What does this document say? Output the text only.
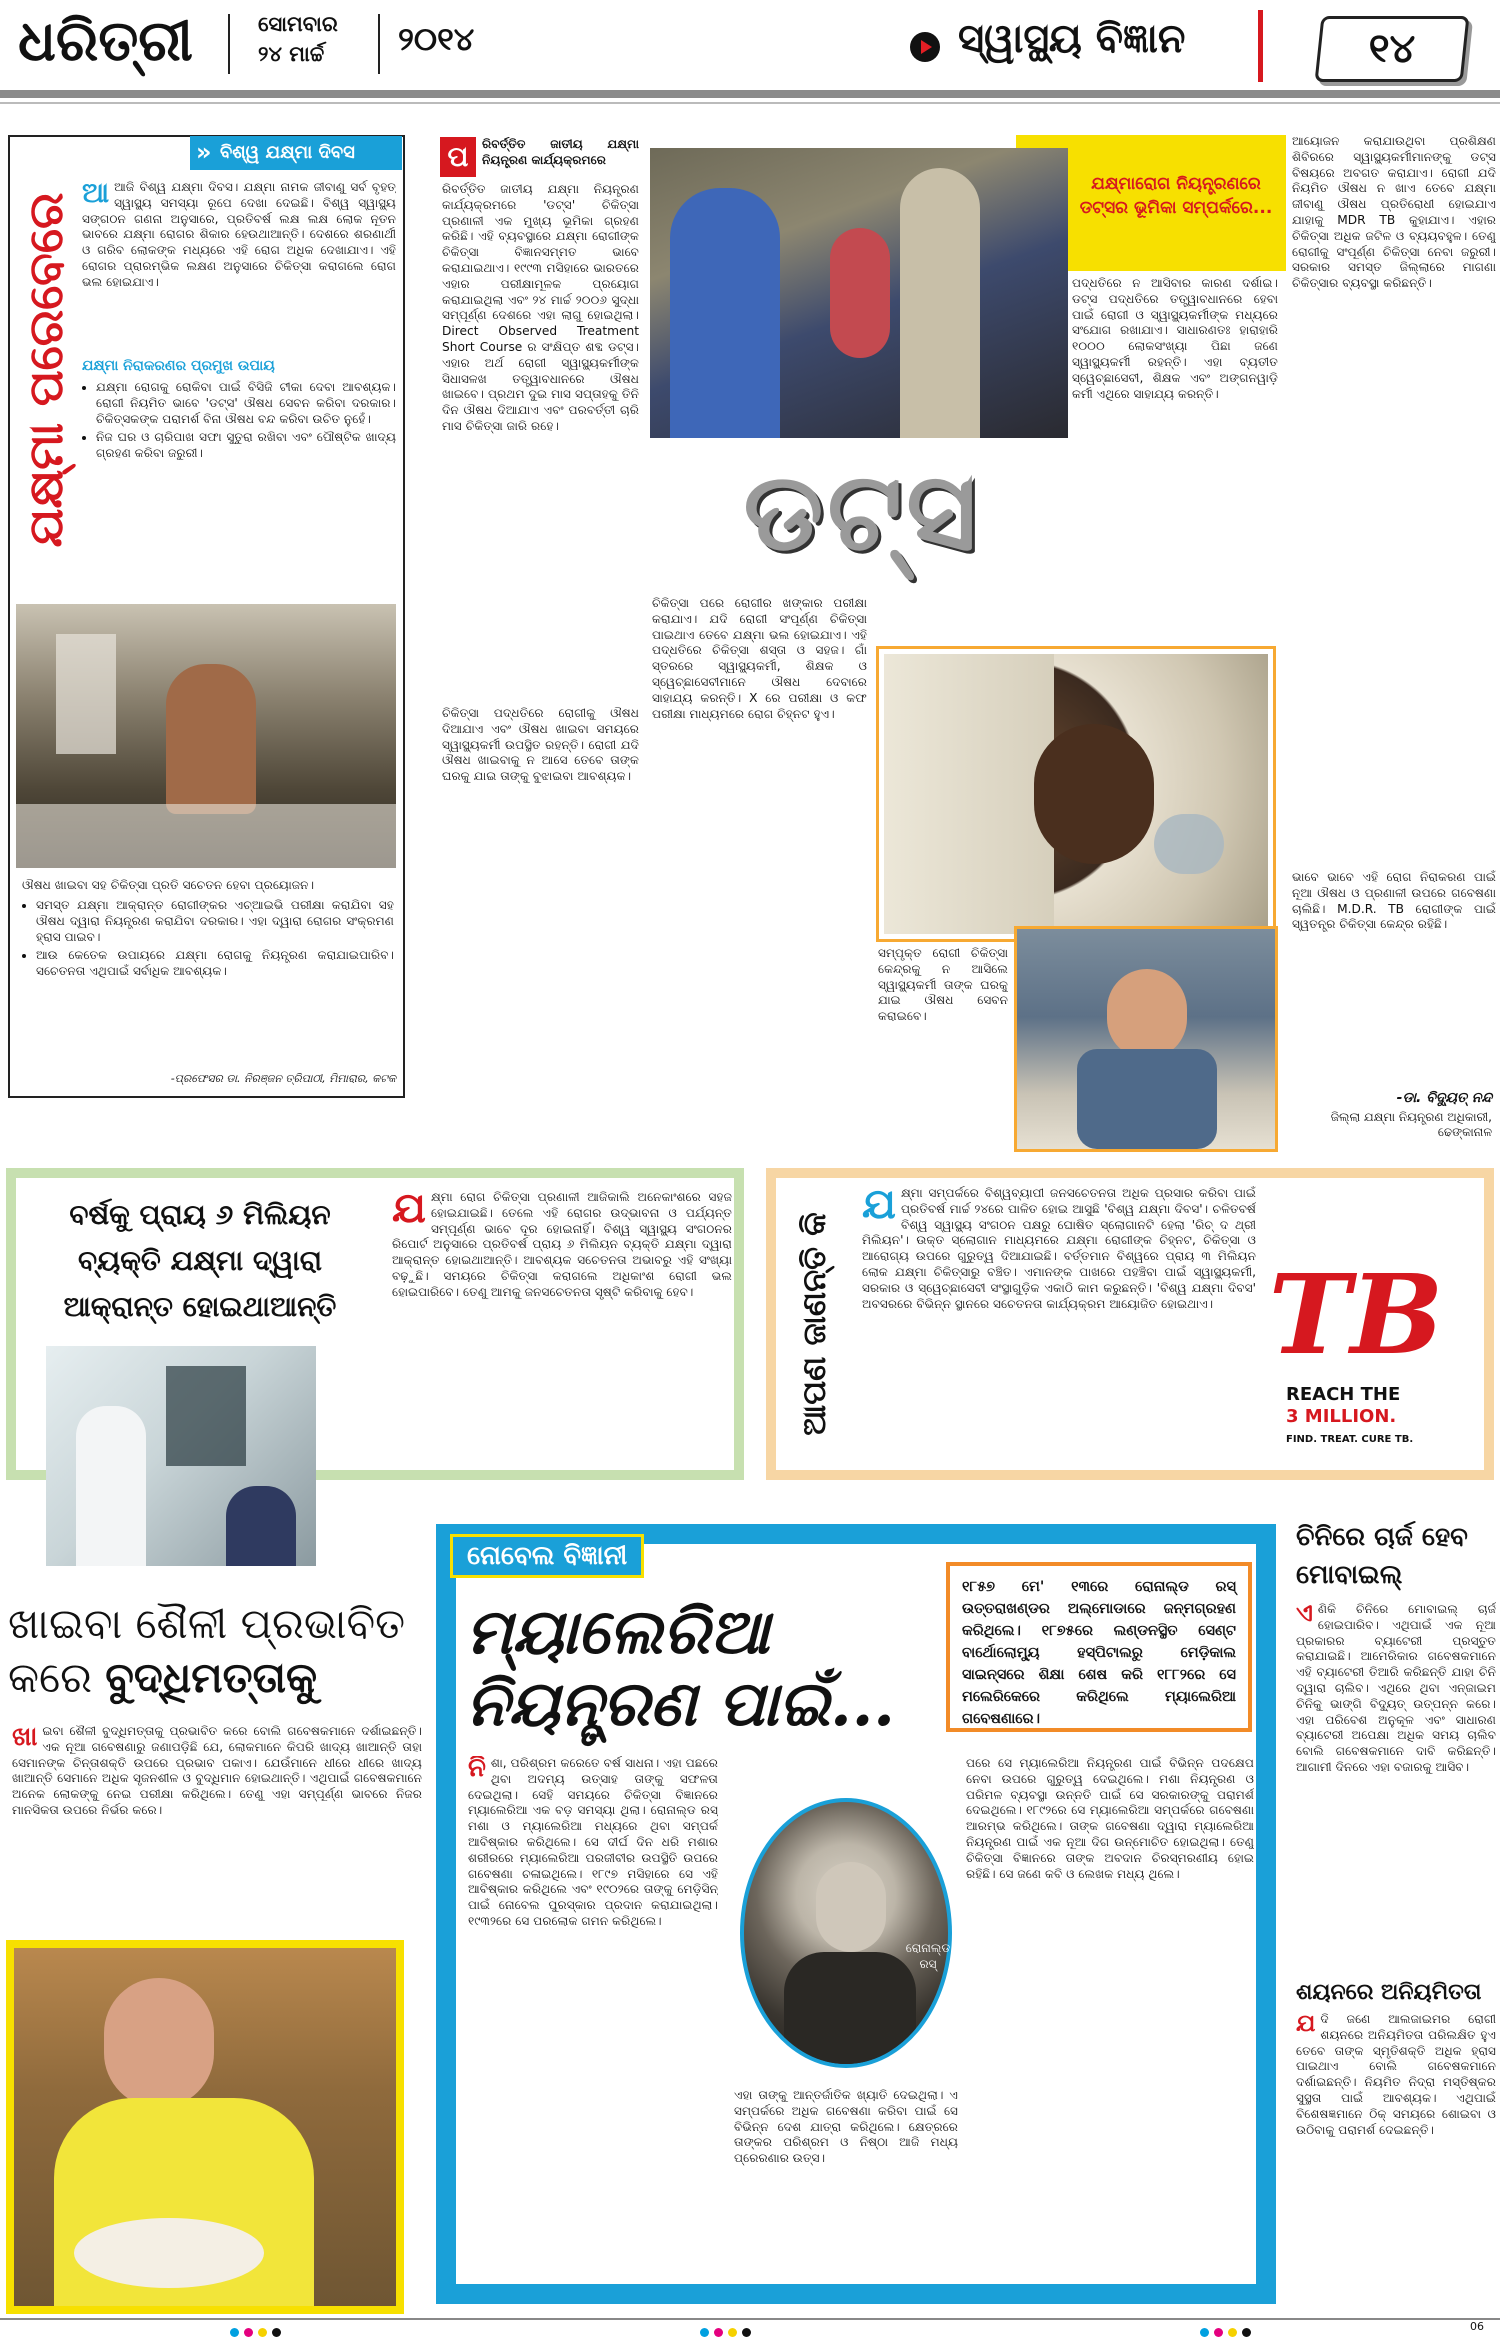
ଧରିତ୍ରୀ	ସୋମବାର
୨୪ ମାର୍ଚ୍ଚ ୨୦୧୪	ସ୍ୱାସ୍ଥ୍ୟ ବିଜ୍ଞାନ	୧୪
» ବିଶ୍ୱ ଯକ୍ଷ୍ମା ଦିବସ
ଯକ୍ଷ୍ମା ପରେବେରେ
ଆଆଜି ବିଶ୍ୱ ଯକ୍ଷ୍ମା ଦିବସ। ଯକ୍ଷ୍ମା ନାମକ ଜୀବାଣୁ ସର୍ବ ବୃହତ୍ ସ୍ୱାସ୍ଥ୍ୟ ସମସ୍ୟା ରୂପେ ଦେଖା ଦେଇଛି। ବିଶ୍ୱ ସ୍ୱାସ୍ଥ୍ୟ ସଙ୍ଗଠନ ଗଣନା ଅନୁସାରେ, ପ୍ରତିବର୍ଷ ଲକ୍ଷ ଲକ୍ଷ ଲୋକ ନୂତନ ଭାବରେ ଯକ୍ଷ୍ମା ରୋଗର ଶିକାର ହେଉଥାଆନ୍ତି। ଦେଶରେ ଶରଣାର୍ଥୀ ଓ ଗରିବ ଲୋକଙ୍କ ମଧ୍ୟରେ ଏହି ରୋଗ ଅଧିକ ଦେଖାଯାଏ। ଏହି ରୋଗର ପ୍ରାରମ୍ଭିକ ଲକ୍ଷଣ ଅନୁସାରେ ଚିକିତ୍ସା କରାଗଲେ ରୋଗ ଭଲ ହୋଇଯାଏ।
ଯକ୍ଷ୍ମା ନିରାକରଣର ପ୍ରମୁଖ ଉପାୟ
• ଯକ୍ଷ୍ମା ରୋଗକୁ ରୋକିବା ପାଇଁ ବିସିଜି ଟୀକା ଦେବା ଆବଶ୍ୟକ। ରୋଗୀ ନିୟମିତ ଭାବେ 'ଡଟ୍ସ' ଔଷଧ ସେବନ କରିବା ଦରକାର। ଚିକିତ୍ସକଙ୍କ ପରାମର୍ଶ ବିନା ଔଷଧ ବନ୍ଦ କରିବା ଉଚିତ ନୁହେଁ।
• ନିଜ ଘର ଓ ଚାରିପାଖ ସଫା ସୁତୁରା ରଖିବା ଏବଂ ପୌଷ୍ଟିକ ଖାଦ୍ୟ ଗ୍ରହଣ କରିବା ଜରୁରୀ।
ଔଷଧ ଖାଇବା ସହ ଚିକିତ୍ସା ପ୍ରତି ସଚେତନ ହେବା ପ୍ରୟୋଜନ।
• ସମସ୍ତ ଯକ୍ଷ୍ମା ଆକ୍ରାନ୍ତ ରୋଗୀଙ୍କର ଏଚ୍ଆଇଭି ପରୀକ୍ଷା କରାଯିବା ସହ ଔଷଧ ଦ୍ୱାରା ନିୟନ୍ତ୍ରଣ କରାଯିବା ଦରକାର। ଏହା ଦ୍ୱାରା ରୋଗର ସଂକ୍ରମଣ ହ୍ରାସ ପାଇବ।
• ଆଉ କେତେକ ଉପାୟରେ ଯକ୍ଷ୍ମା ରୋଗକୁ ନିୟନ୍ତ୍ରଣ କରାଯାଇପାରିବ। ସଚେତନତା ଏଥିପାଇଁ ସର୍ବାଧିକ ଆବଶ୍ୟକ।
-ପ୍ରଫେସର ଡା. ନିରଞ୍ଜନ ତ୍ରିପାଠୀ, ମିମାରାର, କଟକ
ପ
ରିବର୍ତ୍ତିତ ଜାତୀୟ ଯକ୍ଷ୍ମା ନିୟନ୍ତ୍ରଣ କାର୍ଯ୍ୟକ୍ରମରେ 'ଡଟ୍ସ' ଚିକିତ୍ସା ପ୍ରଣାଳୀ ଏକ ମୁଖ୍ୟ ଭୂମିକା ଗ୍ରହଣ କରିଛି। ଏହି ବ୍ୟବସ୍ଥାରେ ଯକ୍ଷ୍ମା ରୋଗୀଙ୍କ ଚିକିତ୍ସା ବିଜ୍ଞାନସମ୍ମତ ଭାବେ କରାଯାଇଥାଏ। ୧୯୯୩ ମସିହାରେ ଭାରତରେ ଏହାର ପରୀକ୍ଷାମୂଳକ ପ୍ରୟୋଗ କରାଯାଇଥିଲା ଏବଂ ୨୪ ମାର୍ଚ୍ଚ ୨୦୦୬ ସୁଦ୍ଧା ସମ୍ପୂର୍ଣ୍ଣ ଦେଶରେ ଏହା ଲାଗୁ ହୋଇଥିଲା। Direct Observed Treatment Short Course ର ସଂକ୍ଷିପ୍ତ ଶବ୍ଦ ଡଟ୍ସ। ଏହାର ଅର୍ଥ ରୋଗୀ ସ୍ୱାସ୍ଥ୍ୟକର୍ମୀଙ୍କ ସିଧାସଳଖ ତତ୍ତ୍ୱାବଧାନରେ ଔଷଧ ଖାଇବେ। ପ୍ରଥମ ଦୁଇ ମାସ ସପ୍ତାହକୁ ତିନି ଦିନ ଔଷଧ ଦିଆଯାଏ ଏବଂ ପରବର୍ତ୍ତୀ ଚାରି ମାସ ଚିକିତ୍ସା ଜାରି ରହେ।
ଚିକିତ୍ସା ପଦ୍ଧତିରେ ରୋଗୀକୁ ଔଷଧ ଦିଆଯାଏ ଏବଂ ଔଷଧ ଖାଇବା ସମୟରେ ସ୍ୱାସ୍ଥ୍ୟକର୍ମୀ ଉପସ୍ଥିତ ରହନ୍ତି। ରୋଗୀ ଯଦି ଔଷଧ ଖାଇବାକୁ ନ ଆସେ ତେବେ ତାଙ୍କ ଘରକୁ ଯାଇ ତାଙ୍କୁ ବୁଝାଇବା ଆବଶ୍ୟକ।
ରିବର୍ତ୍ତିତ ଜାତୀୟ ଯକ୍ଷ୍ମା ନିୟନ୍ତ୍ରଣ କାର୍ଯ୍ୟକ୍ରମରେ
ଯକ୍ଷ୍ମାରୋଗ ନିୟନ୍ତ୍ରଣରେ ଡଟ୍ସର ଭୂମିକା ସମ୍ପର୍କରେ...
ପଦ୍ଧତିରେ ନ ଆସିବାର କାରଣ ଦର୍ଶାଇ। ଡଟ୍ସ ପଦ୍ଧତିରେ ତତ୍ତ୍ୱାବଧାନରେ ହେବା ପାଇଁ ରୋଗୀ ଓ ସ୍ୱାସ୍ଥ୍ୟକର୍ମୀଙ୍କ ମଧ୍ୟରେ ସଂଯୋଗ ରଖାଯାଏ। ସାଧାରଣତଃ ହାରାହାରି ୧୦୦୦ ଲୋକସଂଖ୍ୟା ପିଛା ଜଣେ ସ୍ୱାସ୍ଥ୍ୟକର୍ମୀ ରହନ୍ତି। ଏହା ବ୍ୟତୀତ ସ୍ୱେଚ୍ଛାସେବୀ, ଶିକ୍ଷକ ଏବଂ ଅଙ୍ଗନୱାଡ଼ି କର୍ମୀ ଏଥିରେ ସାହାଯ୍ୟ କରନ୍ତି।
ଡଟ୍ସ
ଚିକିତ୍ସା ପରେ ରୋଗୀର ଖଙ୍କାର ପରୀକ୍ଷା କରାଯାଏ। ଯଦି ରୋଗୀ ସଂପୂର୍ଣ୍ଣ ଚିକିତ୍ସା ପାଇଥାଏ ତେବେ ଯକ୍ଷ୍ମା ଭଲ ହୋଇଯାଏ। ଏହି ପଦ୍ଧତିରେ ଚିକିତ୍ସା ଶସ୍ତା ଓ ସହଜ। ଗାଁ ସ୍ତରରେ ସ୍ୱାସ୍ଥ୍ୟକର୍ମୀ, ଶିକ୍ଷକ ଓ ସ୍ୱେଚ୍ଛାସେବୀମାନେ ଔଷଧ ଦେବାରେ ସାହାଯ୍ୟ କରନ୍ତି। X ରେ ପରୀକ୍ଷା ଓ କଫ ପରୀକ୍ଷା ମାଧ୍ୟମରେ ରୋଗ ଚିହ୍ନଟ ହୁଏ।
ସମ୍ପୃକ୍ତ ରୋଗୀ ଚିକିତ୍ସା କେନ୍ଦ୍ରକୁ ନ ଆସିଲେ ସ୍ୱାସ୍ଥ୍ୟକର୍ମୀ ତାଙ୍କ ଘରକୁ ଯାଇ ଔଷଧ ସେବନ କରାଇବେ।
ଆୟୋଜନ କରାଯାଉଥିବା ପ୍ରଶିକ୍ଷଣ ଶିବିରରେ ସ୍ୱାସ୍ଥ୍ୟକର୍ମୀମାନଙ୍କୁ ଡଟ୍ସ ବିଷୟରେ ଅବଗତ କରାଯାଏ। ରୋଗୀ ଯଦି ନିୟମିତ ଔଷଧ ନ ଖାଏ ତେବେ ଯକ୍ଷ୍ମା ଜୀବାଣୁ ଔଷଧ ପ୍ରତିରୋଧୀ ହୋଇଯାଏ ଯାହାକୁ MDR TB କୁହାଯାଏ। ଏହାର ଚିକିତ୍ସା ଅଧିକ ଜଟିଳ ଓ ବ୍ୟୟବହୁଳ। ତେଣୁ ରୋଗୀକୁ ସଂପୂର୍ଣ୍ଣ ଚିକିତ୍ସା ନେବା ଜରୁରୀ। ସରକାର ସମସ୍ତ ଜିଲ୍ଲାରେ ମାଗଣା ଚିକିତ୍ସାର ବ୍ୟବସ୍ଥା କରିଛନ୍ତି।
ଭାବେ ଭାବେ ଏହି ରୋଗ ନିରାକରଣ ପାଇଁ ନୂଆ ଔଷଧ ଓ ପ୍ରଣାଳୀ ଉପରେ ଗବେଷଣା ଚାଲିଛି। M.D.R. TB ରୋଗୀଙ୍କ ପାଇଁ ସ୍ୱତନ୍ତ୍ର ଚିକିତ୍ସା କେନ୍ଦ୍ର ରହିଛି।
-ଡା. ବିଦ୍ୟୁତ୍ ନନ୍ଦ
ଜିଲ୍ଲା ଯକ୍ଷ୍ମା ନିୟନ୍ତ୍ରଣ ଅଧିକାରୀ, ଢେଙ୍କାନାଳ
ବର୍ଷକୁ ପ୍ରାୟ ୬ ମିଲିୟନ ବ୍ୟକ୍ତି ଯକ୍ଷ୍ମା ଦ୍ୱାରା ଆକ୍ରାନ୍ତ ହୋଇଥାଆନ୍ତି
ଯକ୍ଷ୍ମା ରୋଗ ଚିକିତ୍ସା ପ୍ରଣାଳୀ ଆଜିକାଲି ଅନେକାଂଶରେ ସହଜ ହୋଇଯାଇଛି। ତେଲେ ଏହି ରୋଗର ଉଦ୍ଭାବନା ଓ ପର୍ଯ୍ୟନ୍ତ ସମ୍ପୂର୍ଣ୍ଣ ଭାବେ ଦୂର ହୋଇନାହିଁ। ବିଶ୍ୱ ସ୍ୱାସ୍ଥ୍ୟ ସଂଗଠନର ରିପୋର୍ଟ ଅନୁସାରେ ପ୍ରତିବର୍ଷ ପ୍ରାୟ ୬ ମିଲିୟନ ବ୍ୟକ୍ତି ଯକ୍ଷ୍ମା ଦ୍ୱାରା ଆକ୍ରାନ୍ତ ହୋଇଥାଆନ୍ତି। ଆବଶ୍ୟକ ସଚେତନତା ଅଭାବରୁ ଏହି ସଂଖ୍ୟା ବଢ଼ୁଛି। ସମୟରେ ଚିକିତ୍ସା କରାଗଲେ ଅଧିକାଂଶ ରୋଗୀ ଭଲ ହୋଇପାରିବେ। ତେଣୁ ଆମକୁ ଜନସଚେତନତା ସୃଷ୍ଟି କରିବାକୁ ହେବ।	ଆପଣ ଜାଣନ୍ତି କି
ଯକ୍ଷ୍ମା ସମ୍ପର୍କରେ ବିଶ୍ୱବ୍ୟାପୀ ଜନସଚେତନତା ଅଧିକ ପ୍ରସାର କରିବା ପାଇଁ ପ୍ରତିବର୍ଷ ମାର୍ଚ୍ଚ ୨୪ରେ ପାଳିତ ହୋଇ ଆସୁଛି 'ବିଶ୍ୱ ଯକ୍ଷ୍ମା ଦିବସ'। ଚଳିତବର୍ଷ ବିଶ୍ୱ ସ୍ୱାସ୍ଥ୍ୟ ସଂଗଠନ ପକ୍ଷରୁ ଘୋଷିତ ସ୍ଲୋଗାନଟି ହେଲା 'ରିଚ୍ ଦ ଥ୍ରୀ ମିଲିୟନ'। ଉକ୍ତ ସ୍ଲୋଗାନ ମାଧ୍ୟମରେ ଯକ୍ଷ୍ମା ରୋଗୀଙ୍କ ଚିହ୍ନଟ, ଚିକିତ୍ସା ଓ ଆରୋଗ୍ୟ ଉପରେ ଗୁରୁତ୍ୱ ଦିଆଯାଇଛି। ବର୍ତ୍ତମାନ ବିଶ୍ୱରେ ପ୍ରାୟ ୩ ମିଲିୟନ ଲୋକ ଯକ୍ଷ୍ମା ଚିକିତ୍ସାରୁ ବଞ୍ଚିତ। ଏମାନଙ୍କ ପାଖରେ ପହଞ୍ଚିବା ପାଇଁ ସ୍ୱାସ୍ଥ୍ୟକର୍ମୀ, ସରକାର ଓ ସ୍ୱେଚ୍ଛାସେବୀ ସଂସ୍ଥାଗୁଡ଼ିକ ଏକାଠି କାମ କରୁଛନ୍ତି। 'ବିଶ୍ୱ ଯକ୍ଷ୍ମା ଦିବସ' ଅବସରରେ ବିଭିନ୍ନ ସ୍ଥାନରେ ସଚେତନତା କାର୍ଯ୍ୟକ୍ରମ ଆୟୋଜିତ ହୋଇଥାଏ। TB
REACH THE
3 MILLION.
FIND. TREAT. CURE TB.
ଖାଇବା ଶୈଳୀ ପ୍ରଭାବିତ
କରେ ବୁଦ୍ଧିମତ୍ତାକୁ
ଖାଇବା ଶୈଳୀ ବୁଦ୍ଧିମତ୍ତାକୁ ପ୍ରଭାବିତ କରେ ବୋଲି ଗବେଷକମାନେ ଦର୍ଶାଇଛନ୍ତି। ଏକ ନୂଆ ଗବେଷଣାରୁ ଜଣାପଡ଼ିଛି ଯେ, ଲୋକମାନେ କିପରି ଖାଦ୍ୟ ଖାଆନ୍ତି ତାହା ସେମାନଙ୍କ ଚିନ୍ତାଶକ୍ତି ଉପରେ ପ୍ରଭାବ ପକାଏ। ଯେଉଁମାନେ ଧୀରେ ଧୀରେ ଖାଦ୍ୟ ଖାଆନ୍ତି ସେମାନେ ଅଧିକ ସୃଜନଶୀଳ ଓ ବୁଦ୍ଧିମାନ ହୋଇଥାନ୍ତି। ଏଥିପାଇଁ ଗବେଷକମାନେ ଅନେକ ଲୋକଙ୍କୁ ନେଇ ପରୀକ୍ଷା କରିଥିଲେ। ତେଣୁ ଏହା ସମ୍ପୂର୍ଣ୍ଣ ଭାବରେ ନିଜର ମାନସିକତା ଉପରେ ନିର୍ଭର କରେ।
ନୋବେଲ ବିଜ୍ଞାନୀ
ମ୍ୟାଲେରିଆ
ନିୟନ୍ତ୍ରଣ ପାଇଁ...
୧୮୫୭ ମେ' ୧୩ରେ ରୋନାଲ୍ଡ ରସ୍ ଉତ୍ତରାଖଣ୍ଡର ଅଲ୍ମୋଡାରେ ଜନ୍ମଗ୍ରହଣ କରିଥିଲେ। ୧୮୭୫ରେ ଲଣ୍ଡନସ୍ଥିତ ସେଣ୍ଟ ବାର୍ଥୋଲୋମ୍ୟୁ ହସ୍ପିଟାଲରୁ ମେଡ଼ିକାଲ ସାଇନ୍ସରେ ଶିକ୍ଷା ଶେଷ କରି ୧୮୮୨ରେ ସେ ମଲେରିକେରେ କରିଥିଲେ ମ୍ୟାଲେରିଆ ଗବେଷଣାରେ।
ନିଶା, ପରିଶ୍ରମ କରେତେ ବର୍ଷ ସାଧନା। ଏହା ପଛରେ ଥିବା ଅଦମ୍ୟ ଉତ୍ସାହ ତାଙ୍କୁ ସଫଳତା ଦେଇଥିଲା। ସେହି ସମୟରେ ଚିକିତ୍ସା ବିଜ୍ଞାନରେ ମ୍ୟାଲେରିଆ ଏକ ବଡ଼ ସମସ୍ୟା ଥିଲା। ରୋନାଲ୍ଡ ରସ୍ ମଶା ଓ ମ୍ୟାଲେରିଆ ମଧ୍ୟରେ ଥିବା ସମ୍ପର୍କ ଆବିଷ୍କାର କରିଥିଲେ। ସେ ଦୀର୍ଘ ଦିନ ଧରି ମଶାର ଶରୀରରେ ମ୍ୟାଲେରିଆ ପରଜୀବୀର ଉପସ୍ଥିତି ଉପରେ ଗବେଷଣା ଚଳାଇଥିଲେ। ୧୮୯୭ ମସିହାରେ ସେ ଏହି ଆବିଷ୍କାର କରିଥିଲେ ଏବଂ ୧୯୦୨ରେ ତାଙ୍କୁ ମେଡ଼ିସିନ୍ ପାଇଁ ନୋବେଲ ପୁରସ୍କାର ପ୍ରଦାନ କରାଯାଇଥିଲା। ୧୯୩୨ରେ ସେ ପରଲୋକ ଗମନ କରିଥିଲେ।
ରୋନାଲ୍ଡ ରସ୍
ଏହା ତାଙ୍କୁ ଆନ୍ତର୍ଜାତିକ ଖ୍ୟାତି ଦେଇଥିଲା। ଏ ସମ୍ପର୍କରେ ଅଧିକ ଗବେଷଣା କରିବା ପାଇଁ ସେ ବିଭିନ୍ନ ଦେଶ ଯାତ୍ରା କରିଥିଲେ। କ୍ଷେତ୍ରରେ ତାଙ୍କର ପରିଶ୍ରମ ଓ ନିଷ୍ଠା ଆଜି ମଧ୍ୟ ପ୍ରେରଣାର ଉତ୍ସ।
ପରେ ସେ ମ୍ୟାଲେରିଆ ନିୟନ୍ତ୍ରଣ ପାଇଁ ବିଭିନ୍ନ ପଦକ୍ଷେପ ନେବା ଉପରେ ଗୁରୁତ୍ୱ ଦେଇଥିଲେ। ମଶା ନିୟନ୍ତ୍ରଣ ଓ ପରିମଳ ବ୍ୟବସ୍ଥା ଉନ୍ନତି ପାଇଁ ସେ ସରକାରଙ୍କୁ ପରାମର୍ଶ ଦେଇଥିଲେ। ୧୮୯୨ରେ ସେ ମ୍ୟାଲେରିଆ ସମ୍ପର୍କରେ ଗବେଷଣା ଆରମ୍ଭ କରିଥିଲେ। ତାଙ୍କ ଗବେଷଣା ଦ୍ୱାରା ମ୍ୟାଲେରିଆ ନିୟନ୍ତ୍ରଣ ପାଇଁ ଏକ ନୂଆ ଦିଗ ଉନ୍ମୋଚିତ ହୋଇଥିଲା। ତେଣୁ ଚିକିତ୍ସା ବିଜ୍ଞାନରେ ତାଙ୍କ ଅବଦାନ ଚିରସ୍ମରଣୀୟ ହୋଇ ରହିଛି। ସେ ଜଣେ କବି ଓ ଲେଖକ ମଧ୍ୟ ଥିଲେ।
ଚିନିରେ ଚାର୍ଜ ହେବ ମୋବାଇଲ୍
ଏଣିକି ଚିନିରେ ମୋବାଇଲ୍ ଚାର୍ଜ ହୋଇପାରିବ। ଏଥିପାଇଁ ଏକ ନୂଆ ପ୍ରକାରର ବ୍ୟାଟେରୀ ପ୍ରସ୍ତୁତ କରାଯାଇଛି। ଆମେରିକାର ଗବେଷକମାନେ ଏହି ବ୍ୟାଟେରୀ ତିଆରି କରିଛନ୍ତି ଯାହା ଚିନି ଦ୍ୱାରା ଚାଲିବ। ଏଥିରେ ଥିବା ଏନ୍‌ଜାଇମ ଚିନିକୁ ଭାଙ୍ଗି ବିଦ୍ୟୁତ୍ ଉତ୍ପନ୍ନ କରେ। ଏହା ପରିବେଶ ଅନୁକୂଳ ଏବଂ ସାଧାରଣ ବ୍ୟାଟେରୀ ଅପେକ୍ଷା ଅଧିକ ସମୟ ଚାଲିବ ବୋଲି ଗବେଷକମାନେ ଦାବି କରିଛନ୍ତି। ଆଗାମୀ ଦିନରେ ଏହା ବଜାରକୁ ଆସିବ।
ଶୟନରେ ଅନିୟମିତତା
ଯଦି ଜଣେ ଆଲଜାଇମର ରୋଗୀ ଶୟନରେ ଅନିୟମିତତା ପରିଲକ୍ଷିତ ହୁଏ ତେବେ ତାଙ୍କ ସ୍ମୃତିଶକ୍ତି ଅଧିକ ହ୍ରାସ ପାଇଥାଏ ବୋଲି ଗବେଷକମାନେ ଦର୍ଶାଇଛନ୍ତି। ନିୟମିତ ନିଦ୍ରା ମସ୍ତିଷ୍କର ସୁସ୍ଥତା ପାଇଁ ଆବଶ୍ୟକ। ଏଥିପାଇଁ ବିଶେଷଜ୍ଞମାନେ ଠିକ୍ ସମୟରେ ଶୋଇବା ଓ ଉଠିବାକୁ ପରାମର୍ଶ ଦେଇଛନ୍ତି।
06
